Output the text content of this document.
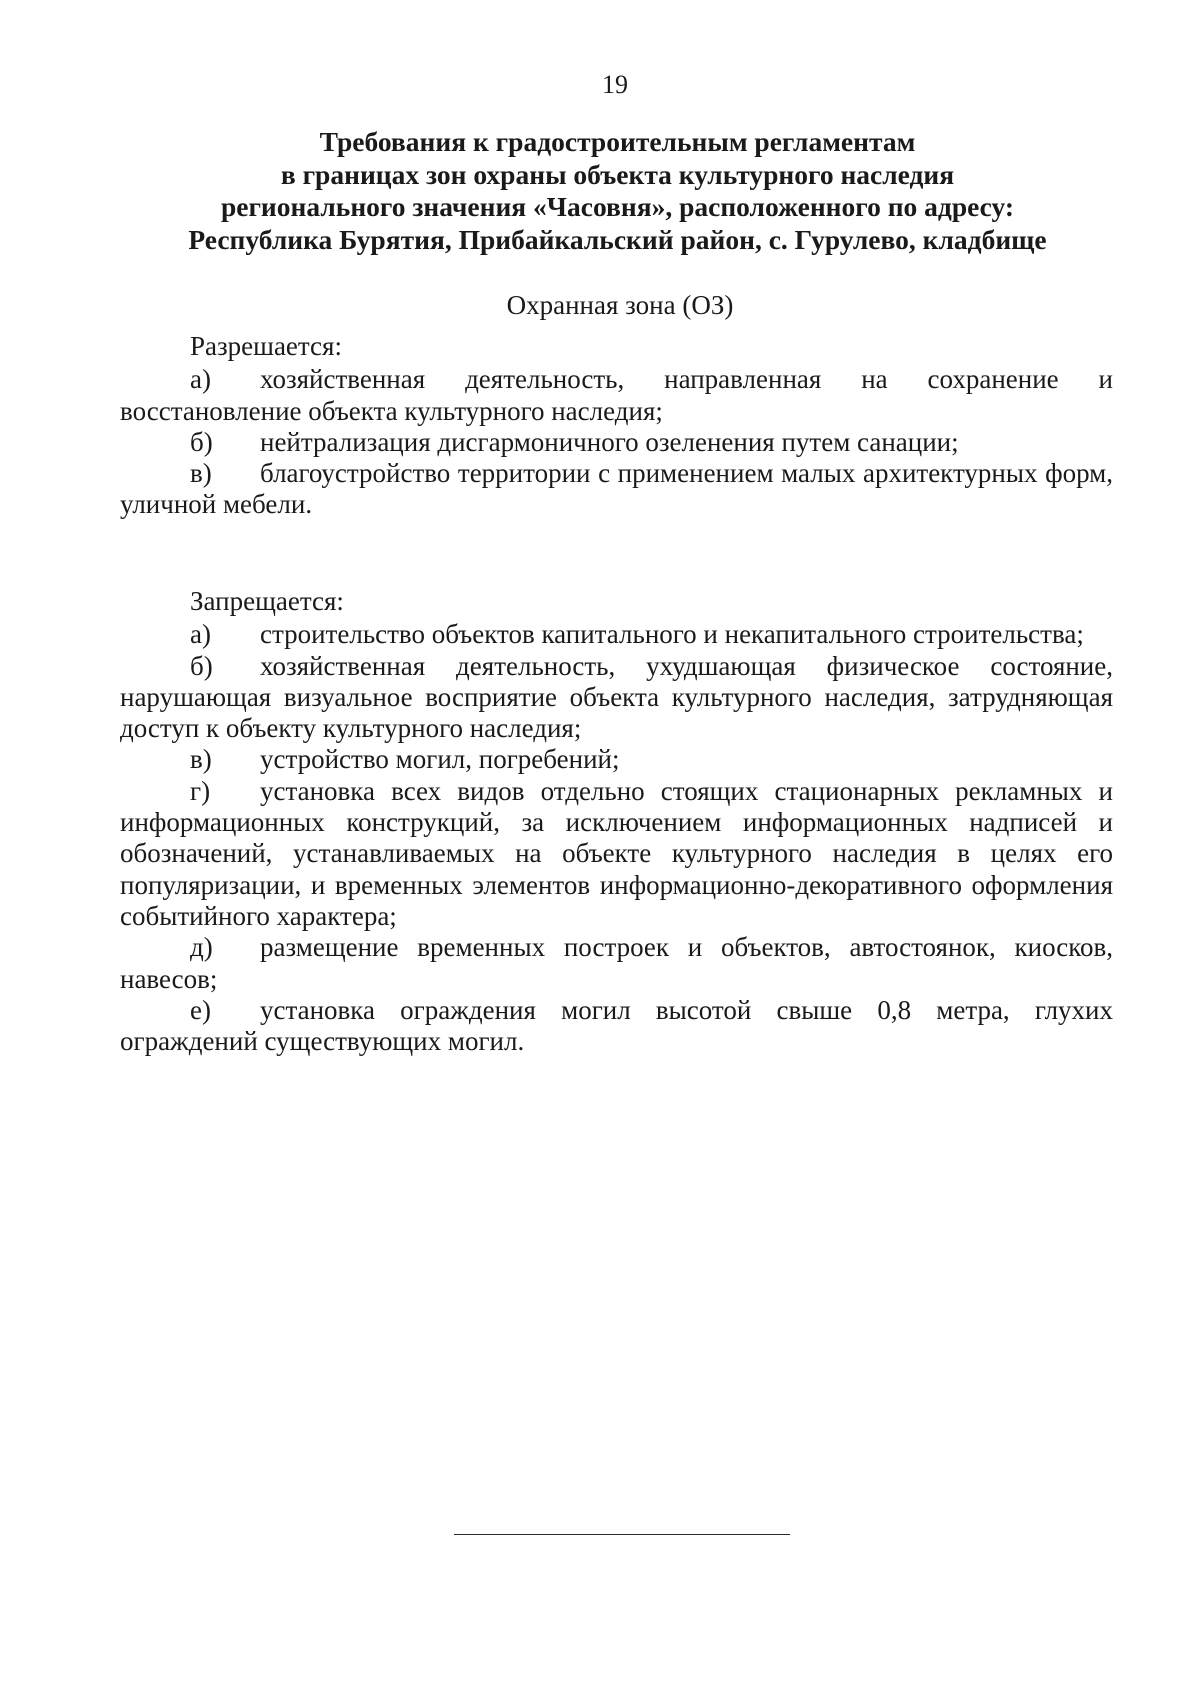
19
Требования к градостроительным регламентам
в границах зон охраны объекта культурного наследия
регионального значения «Часовня», расположенного по адресу:
Республика Бурятия, Прибайкальский район, с. Гурулево, кладбище
Охранная зона (ОЗ)
Разрешается:
а) хозяйственная деятельность, направленная на сохранение и восстановление объекта культурного наследия;
б) нейтрализация дисгармоничного озеленения путем санации;
в) благоустройство территории с применением малых архитектурных форм, уличной мебели.
Запрещается:
а) строительство объектов капитального и некапитального строительства;
б) хозяйственная деятельность, ухудшающая физическое состояние, нарушающая визуальное восприятие объекта культурного наследия, затрудняющая доступ к объекту культурного наследия;
в) устройство могил, погребений;
г) установка всех видов отдельно стоящих стационарных рекламных и информационных конструкций, за исключением информационных надписей и обозначений, устанавливаемых на объекте культурного наследия в целях его популяризации, и временных элементов информационно-декоративного оформления событийного характера;
д) размещение временных построек и объектов, автостоянок, киосков, навесов;
е) установка ограждения могил высотой свыше 0,8 метра, глухих ограждений существующих могил.
